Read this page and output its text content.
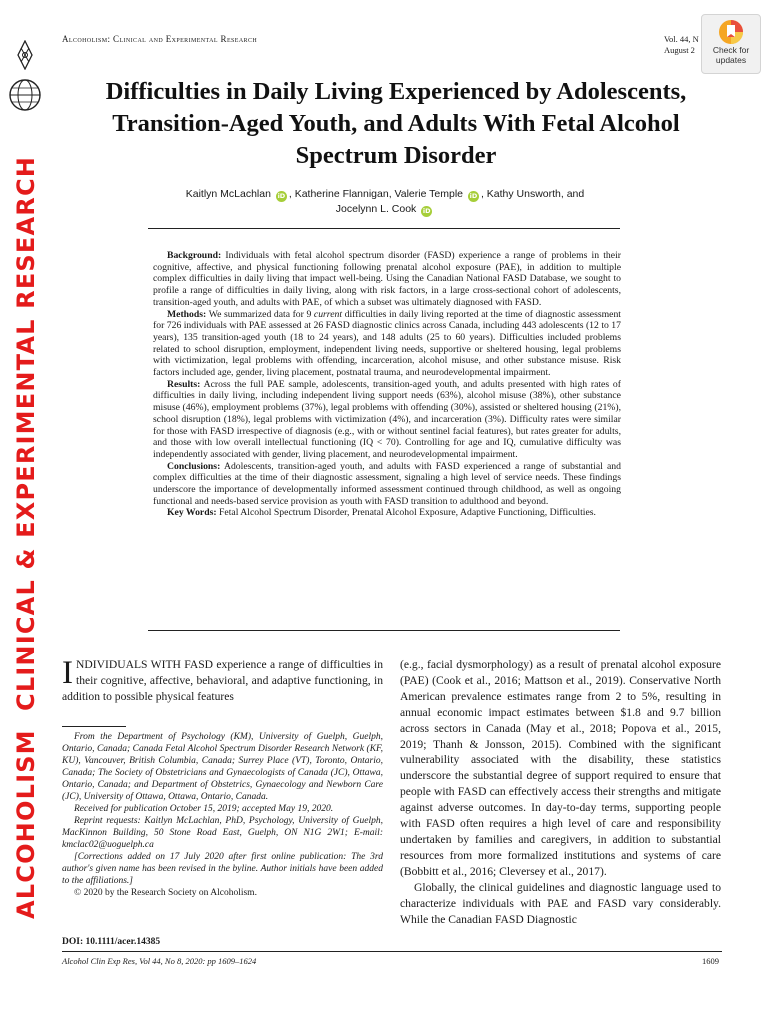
ALCOHOLISM

CLINICAL & EXPERIMENTAL RESEARCH
Alcoholism: Clinical and Experimental Research	Vol. 44, N
August 2	Check for
updates
Difficulties in Daily Living Experienced by Adolescents,
Transition-Aged Youth, and Adults With Fetal Alcohol
Spectrum Disorder
Kaitlyn McLachlan iD , Katherine Flannigan, Valerie Temple iD , Kathy Unsworth, and
Jocelynn L. Cook iD

Background: Individuals with fetal alcohol spectrum disorder (FASD) experience a range of problems in their cognitive, affective, and physical functioning following prenatal alcohol exposure (PAE), in addition to multiple complex difficulties in daily living that impact well-being. Using the Canadian National FASD Database, we sought to profile a range of difficulties in daily living, along with risk factors, in a large cross-sectional cohort of adolescents, transition-aged youth, and adults with PAE, of which a subset was ultimately diagnosed with FASD.

Methods: We summarized data for 9 current difficulties in daily living reported at the time of diagnostic assessment for 726 individuals with PAE assessed at 26 FASD diagnostic clinics across Canada, including 443 adolescents (12 to 17 years), 135 transition-aged youth (18 to 24 years), and 148 adults (25 to 60 years). Difficulties included problems related to school disruption, employment, independent living needs, supportive or sheltered housing, legal problems with victimization, legal problems with offending, incarceration, alcohol misuse, and other substance misuse. Risk factors included age, gender, living placement, postnatal trauma, and neurodevelopmental impairment.

Results: Across the full PAE sample, adolescents, transition-aged youth, and adults presented with high rates of difficulties in daily living, including independent living support needs (63%), alcohol misuse (38%), other substance misuse (46%), employment problems (37%), legal problems with offending (30%), assisted or sheltered housing (21%), school disruption (18%), legal problems with victimization (4%), and incarceration (3%). Difficulty rates were similar for those with FASD irrespective of diagnosis (e.g., with or without sentinel facial features), but rates greater for adults, and those with low overall intellectual functioning (IQ < 70). Controlling for age and IQ, cumulative difficulty was independently associated with gender, living placement, and neurodevelopmental impairment.

Conclusions: Adolescents, transition-aged youth, and adults with FASD experienced a range of substantial and complex difficulties at the time of their diagnostic assessment, signaling a high level of service needs. These findings underscore the importance of developmentally informed assessment continued through childhood, as well as ongoing functional and needs-based service provision as youth with FASD transition to adulthood and beyond.

Key Words: Fetal Alcohol Spectrum Disorder, Prenatal Alcohol Exposure, Adaptive Functioning, Difficulties.

INDIVIDUALS WITH FASD experience a range of difficulties in their cognitive, affective, behavioral, and adaptive functioning, in addition to possible physical features

From the Department of Psychology (KM), University of Guelph, Guelph, Ontario, Canada; Canada Fetal Alcohol Spectrum Disorder Research Network (KF, KU), Vancouver, British Columbia, Canada; Surrey Place (VT), Toronto, Ontario, Canada; The Society of Obstetricians and Gynaecologists of Canada (JC), Ottawa, Ontario, Canada; and Department of Obstetrics, Gynaecology and Newborn Care (JC), University of Ottawa, Ottawa, Ontario, Canada.

Received for publication October 15, 2019; accepted May 19, 2020.

Reprint requests: Kaitlyn McLachlan, PhD, Psychology, University of Guelph, MacKinnon Building, 50 Stone Road East, Guelph, ON N1G 2W1; E-mail: kmclac02@uoguelph.ca

[Corrections added on 17 July 2020 after first online publication: The 3rd author's given name has been revised in the byline. Author initials have been added to the affiliations.]

© 2020 by the Research Society on Alcoholism.

DOI: 10.1111/acer.14385

(e.g., facial dysmorphology) as a result of prenatal alcohol exposure (PAE) (Cook et al., 2016; Mattson et al., 2019). Conservative North American prevalence estimates range from 2 to 5%, resulting in annual economic impact estimates between $1.8 and 9.7 billion across sectors in Canada (May et al., 2018; Popova et al., 2015, 2019; Thanh & Jonsson, 2015). Combined with the significant vulnerability associated with the disability, these statistics underscore the substantial degree of support required to ensure that people with FASD can effectively access their strengths and mitigate against adverse outcomes. In day-to-day terms, supporting people with FASD often requires a high level of care and responsibility undertaken by families and caregivers, in addition to substantial resources from more formalized institutions and systems of care (Bobbitt et al., 2016; Cleversey et al., 2017).

Globally, the clinical guidelines and diagnostic language used to characterize individuals with PAE and FASD vary considerably. While the Canadian FASD Diagnostic

Alcohol Clin Exp Res, Vol 44, No 8, 2020: pp 1609–1624	1609
